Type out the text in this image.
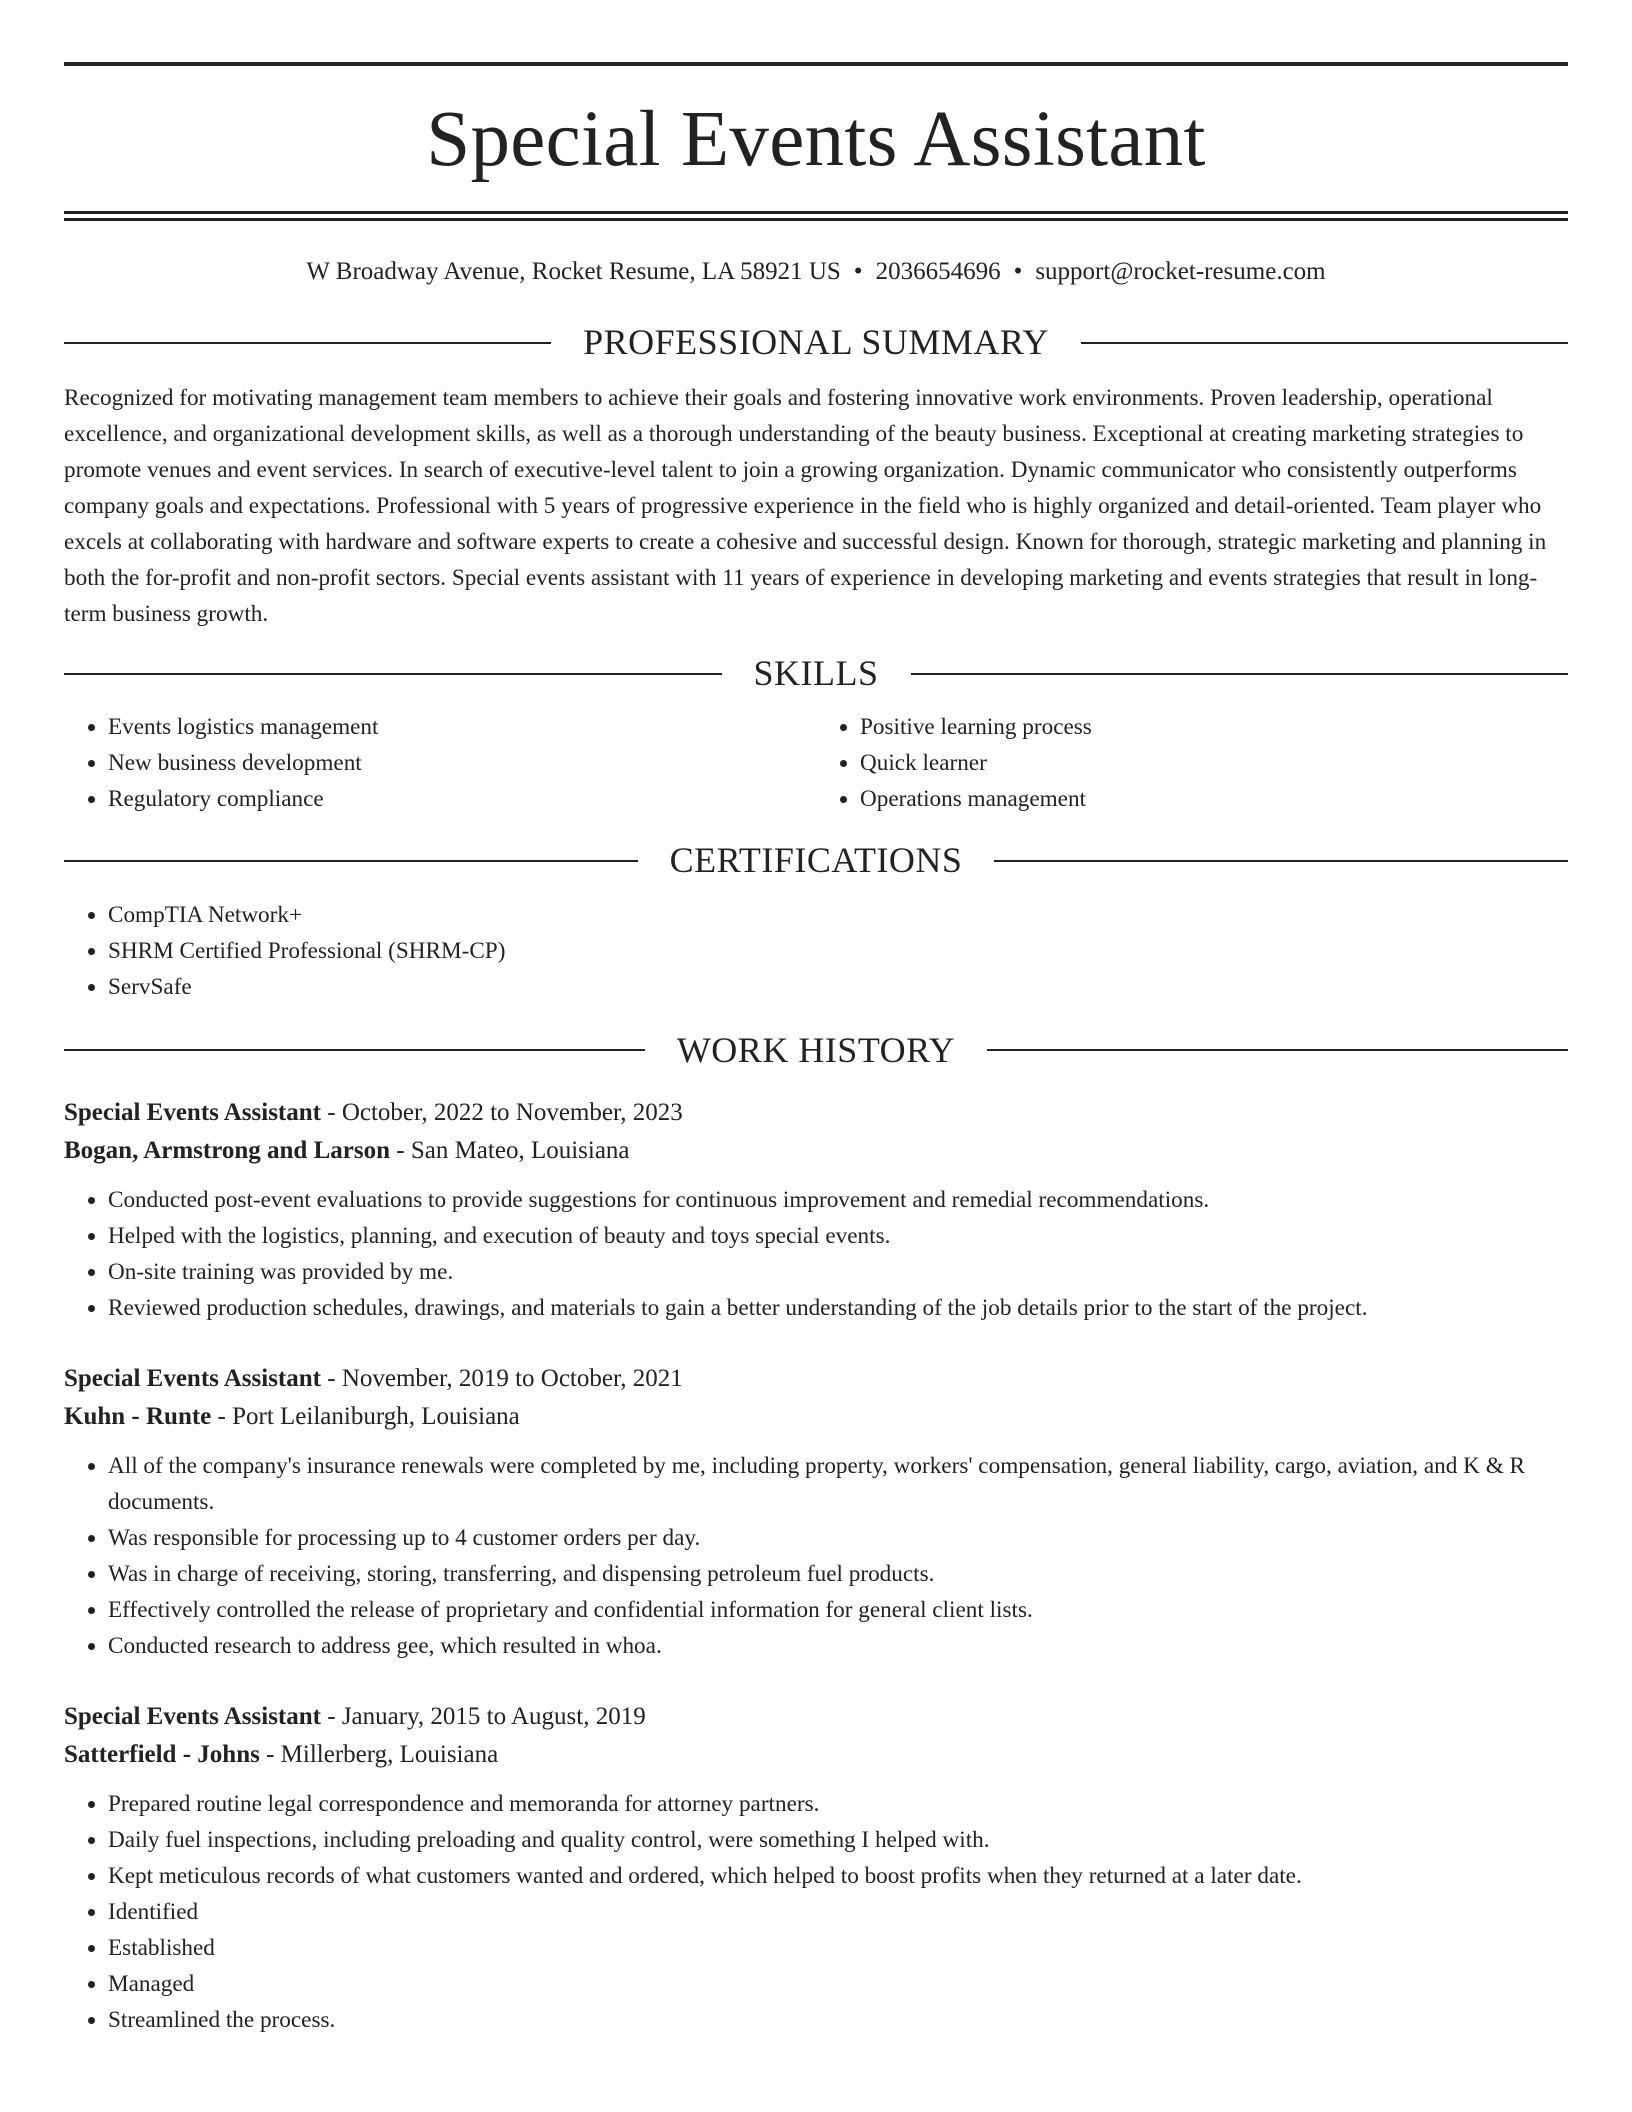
Special Events Assistant
W Broadway Avenue, Rocket Resume, LA 58921 US • 2036654696 • support@rocket-resume.com
PROFESSIONAL SUMMARY

Recognized for motivating management team members to achieve their goals and fostering innovative work environments. Proven leadership, operational excellence, and organizational development skills, as well as a thorough understanding of the beauty business. Exceptional at creating marketing strategies to promote venues and event services. In search of executive-level talent to join a growing organization. Dynamic communicator who consistently outperforms company goals and expectations. Professional with 5 years of progressive experience in the field who is highly organized and detail-oriented. Team player who excels at collaborating with hardware and software experts to create a cohesive and successful design. Known for thorough, strategic marketing and planning in both the for-profit and non-profit sectors. Special events assistant with 11 years of experience in developing marketing and events strategies that result in long-term business growth.

SKILLS
• Events logistics management
• New business development
• Regulatory compliance
• Positive learning process
• Quick learner
• Operations management
CERTIFICATIONS
• CompTIA Network+
• SHRM Certified Professional (SHRM-CP)
• ServSafe
WORK HISTORY
Special Events Assistant - October, 2022 to November, 2023
Bogan, Armstrong and Larson - San Mateo, Louisiana
• Conducted post-event evaluations to provide suggestions for continuous improvement and remedial recommendations.
• Helped with the logistics, planning, and execution of beauty and toys special events.
• On-site training was provided by me.
• Reviewed production schedules, drawings, and materials to gain a better understanding of the job details prior to the start of the project.
Special Events Assistant - November, 2019 to October, 2021
Kuhn - Runte - Port Leilaniburgh, Louisiana
• All of the company's insurance renewals were completed by me, including property, workers' compensation, general liability, cargo, aviation, and K & R documents.
• Was responsible for processing up to 4 customer orders per day.
• Was in charge of receiving, storing, transferring, and dispensing petroleum fuel products.
• Effectively controlled the release of proprietary and confidential information for general client lists.
• Conducted research to address gee, which resulted in whoa.
Special Events Assistant - January, 2015 to August, 2019
Satterfield - Johns - Millerberg, Louisiana
• Prepared routine legal correspondence and memoranda for attorney partners.
• Daily fuel inspections, including preloading and quality control, were something I helped with.
• Kept meticulous records of what customers wanted and ordered, which helped to boost profits when they returned at a later date.
• Identified
• Established
• Managed
• Streamlined the process.
